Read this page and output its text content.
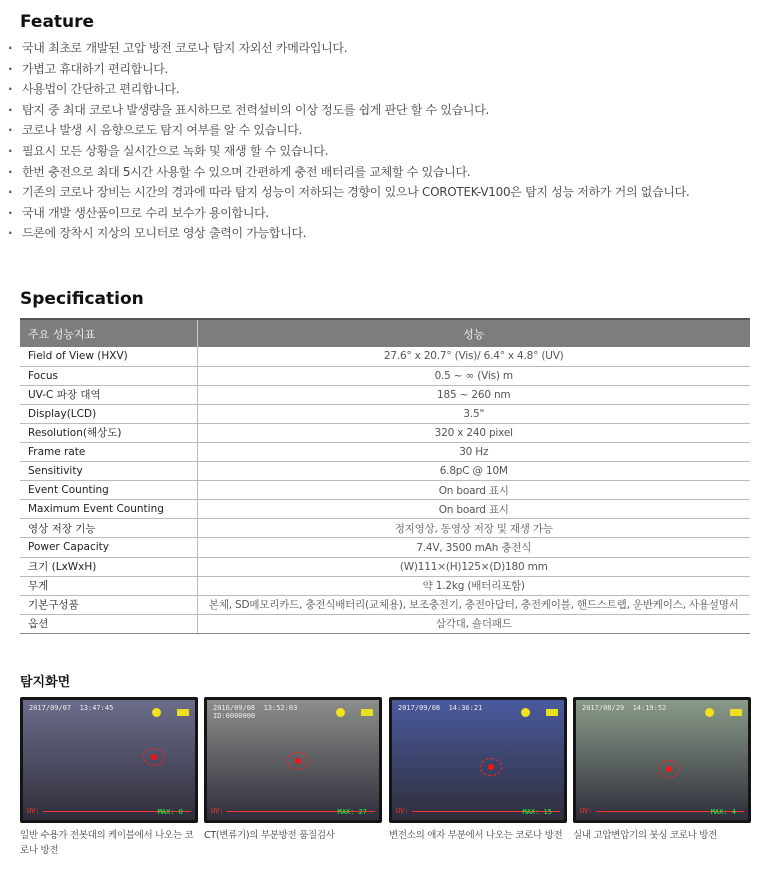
Feature
· 국내 최초로 개발된 고압 방전 코로나 탐지 자외선 카메라입니다.
· 가볍고 휴대하기 편리합니다.
· 사용법이 간단하고 편리합니다.
· 탐지 중 최대 코로나 발생량을 표시하므로 전력설비의 이상 정도를 쉽게 판단 할 수 있습니다.
· 코로나 발생 시 음향으로도 탐지 여부를 알 수 있습니다.
· 필요시 모든 상황을 실시간으로 녹화 및 재생 할 수 있습니다.
· 한번 충전으로 최대 5시간 사용할 수 있으며 간편하게 충전 배터리를 교체할 수 있습니다.
· 기존의 코로나 장비는 시간의 경과에 따라 탐지 성능이 저하되는 경향이 있으나 COROTEK-V100은 탐지 성능 저하가 거의 없습니다.
· 국내 개발 생산품이므로 수리 보수가 용이합니다.
· 드론에 장착시 지상의 모니터로 영상 출력이 가능합니다.
Specification
주요 성능지표	성능
Field of View (HXV)	27.6° x 20.7° (Vis)/ 6.4° x 4.8° (UV)
Focus	0.5 ~ ∞ (Vis) m
UV-C 파장 대역	185 ~ 260 nm
Display(LCD)	3.5"
Resolution(해상도)	320 x 240 pixel
Frame rate	30 Hz
Sensitivity	6.8pC @ 10M
Event Counting	On board 표시
Maximum Event Counting	On board 표시
영상 저장 기능	정지영상, 동영상 저장 및 재생 가능
Power Capacity	7.4V, 3500 mAh 충전식
크기 (LxWxH)	(W)111×(H)125×(D)180 mm
무게	약 1.2kg (배터리포함)
기본구성품	본체, SD메모리카드, 충전식배터리(교체용), 보조충전기, 충전아답터, 충전케이블, 핸드스트랩, 운반케이스, 사용설명서
옵션	삼각대, 숄더패드
탐지화면
2017/09/07  13:47:45
UV:	MAX: 0
일반 수용가 전봇대의 케이블에서 나오는 코로나 방전
2016/09/08  13:52:03
ID:0000000
UV:	MAX: 27
CT(변류기)의 부분방전 품질검사
2017/09/08  14:36:21
UV:	MAX: 15
변전소의 애자 부분에서 나오는 코로나 방전
2017/08/29  14:19:52
UV:	MAX: 4
실내 고압변압기의 붓싱 코로나 방전
